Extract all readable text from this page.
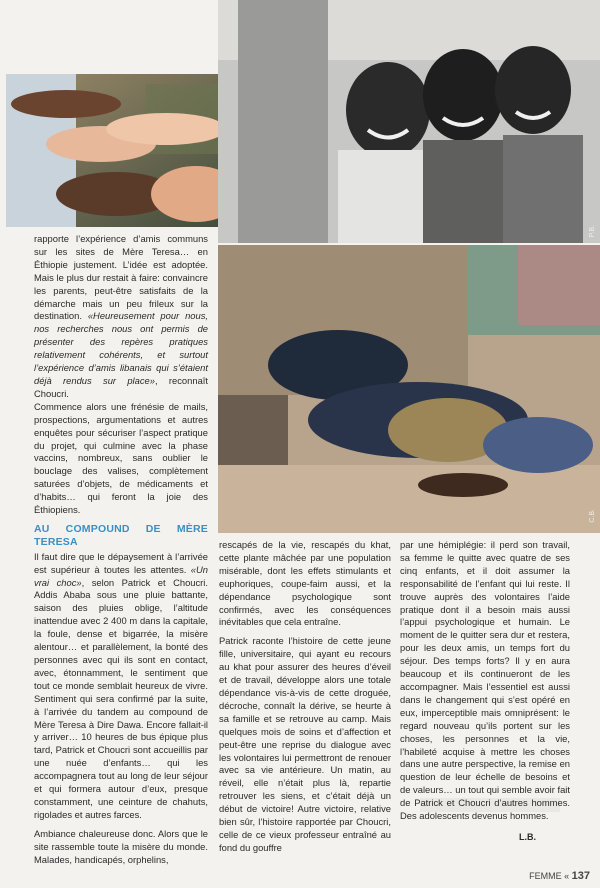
P.B.
C.B.

rapporte l’expérience d’amis communs sur les sites de Mère Teresa… en Éthiopie justement. L’idée est adoptée. Mais le plus dur restait à faire: convaincre les parents, peut-être satisfaits de la démarche mais un peu frileux sur la destination. «Heureusement pour nous, nos recherches nous ont permis de présenter des repères pratiques relativement cohérents, et surtout l’expérience d’amis libanais qui s’étaient déjà rendus sur place», reconnaît Choucri.

Commence alors une frénésie de mails, prospections, argumentations et autres enquêtes pour sécuriser l’aspect pratique du projet, qui culmine avec la phase vaccins, nombreux, sans oublier le bouclage des valises, complètement saturées d’objets, de médicaments et d’habits… qui feront la joie des Éthiopiens.

AU COMPOUND DE MÈRE TERESA

Il faut dire que le dépaysement à l’arrivée est supérieur à toutes les attentes. «Un vrai choc», selon Patrick et Choucri. Addis Ababa sous une pluie battante, saison des pluies oblige, l’altitude inattendue avec 2 400 m dans la capitale, la foule, dense et bigarrée, la misère alentour… et parallèlement, la bonté des personnes avec qui ils sont en contact, avec, étonnamment, le sentiment que tout ce monde semblait heureux de vivre. Sentiment qui sera confirmé par la suite, à l’arrivée du tandem au compound de Mère Teresa à Dire Dawa. Encore fallait-il y arriver… 10 heures de bus épique plus tard, Patrick et Choucri sont accueillis par une nuée d’enfants… qui les accompagnera tout au long de leur séjour et qui formera autour d’eux, presque constamment, une ceinture de chahuts, rigolades et autres farces.

Ambiance chaleureuse donc. Alors que le site rassemble toute la misère du monde. Malades, handicapés, orphelins,

rescapés de la vie, rescapés du khat, cette plante mâchée par une population misérable, dont les effets stimulants et euphoriques, coupe-faim aussi, et la dépendance psychologique sont confirmés, avec les conséquences inévitables que cela entraîne.

Patrick raconte l’histoire de cette jeune fille, universitaire, qui ayant eu recours au khat pour assurer des heures d’éveil et de travail, développe alors une totale dépendance vis-à-vis de cette droguée, décroche, connaît la dérive, se heurte à sa famille et se retrouve au camp. Mais quelques mois de soins et d’affection et peut-être une reprise du dialogue avec les volontaires lui permettront de renouer avec sa vie antérieure. Un matin, au réveil, elle n’était plus là, repartie retrouver les siens, et c’était déjà un début de victoire! Autre victoire, relative bien sûr, l’histoire rapportée par Choucri, celle de ce vieux professeur entraîné au fond du gouffre

par une hémiplégie: il perd son travail, sa femme le quitte avec quatre de ses cinq enfants, et il doit assumer la responsabilité de l’enfant qui lui reste. Il trouve auprès des volontaires l’aide pratique dont il a besoin mais aussi l’appui psychologique et humain. Le moment de le quitter sera dur et restera, pour les deux amis, un temps fort du séjour. Des temps forts? Il y en aura beaucoup et ils continueront de les accompagner. Mais l’essentiel est aussi dans le changement qui s’est opéré en eux, imperceptible mais omniprésent: le regard nouveau qu’ils portent sur les choses, les personnes et la vie, l’habileté acquise à mettre les choses dans une autre perspective, la remise en question de leur échelle de besoins et de valeurs… un tout qui semble avoir fait de Patrick et Choucri d’autres hommes. Des adolescents devenus hommes.

L.B.
FEMME « 137
